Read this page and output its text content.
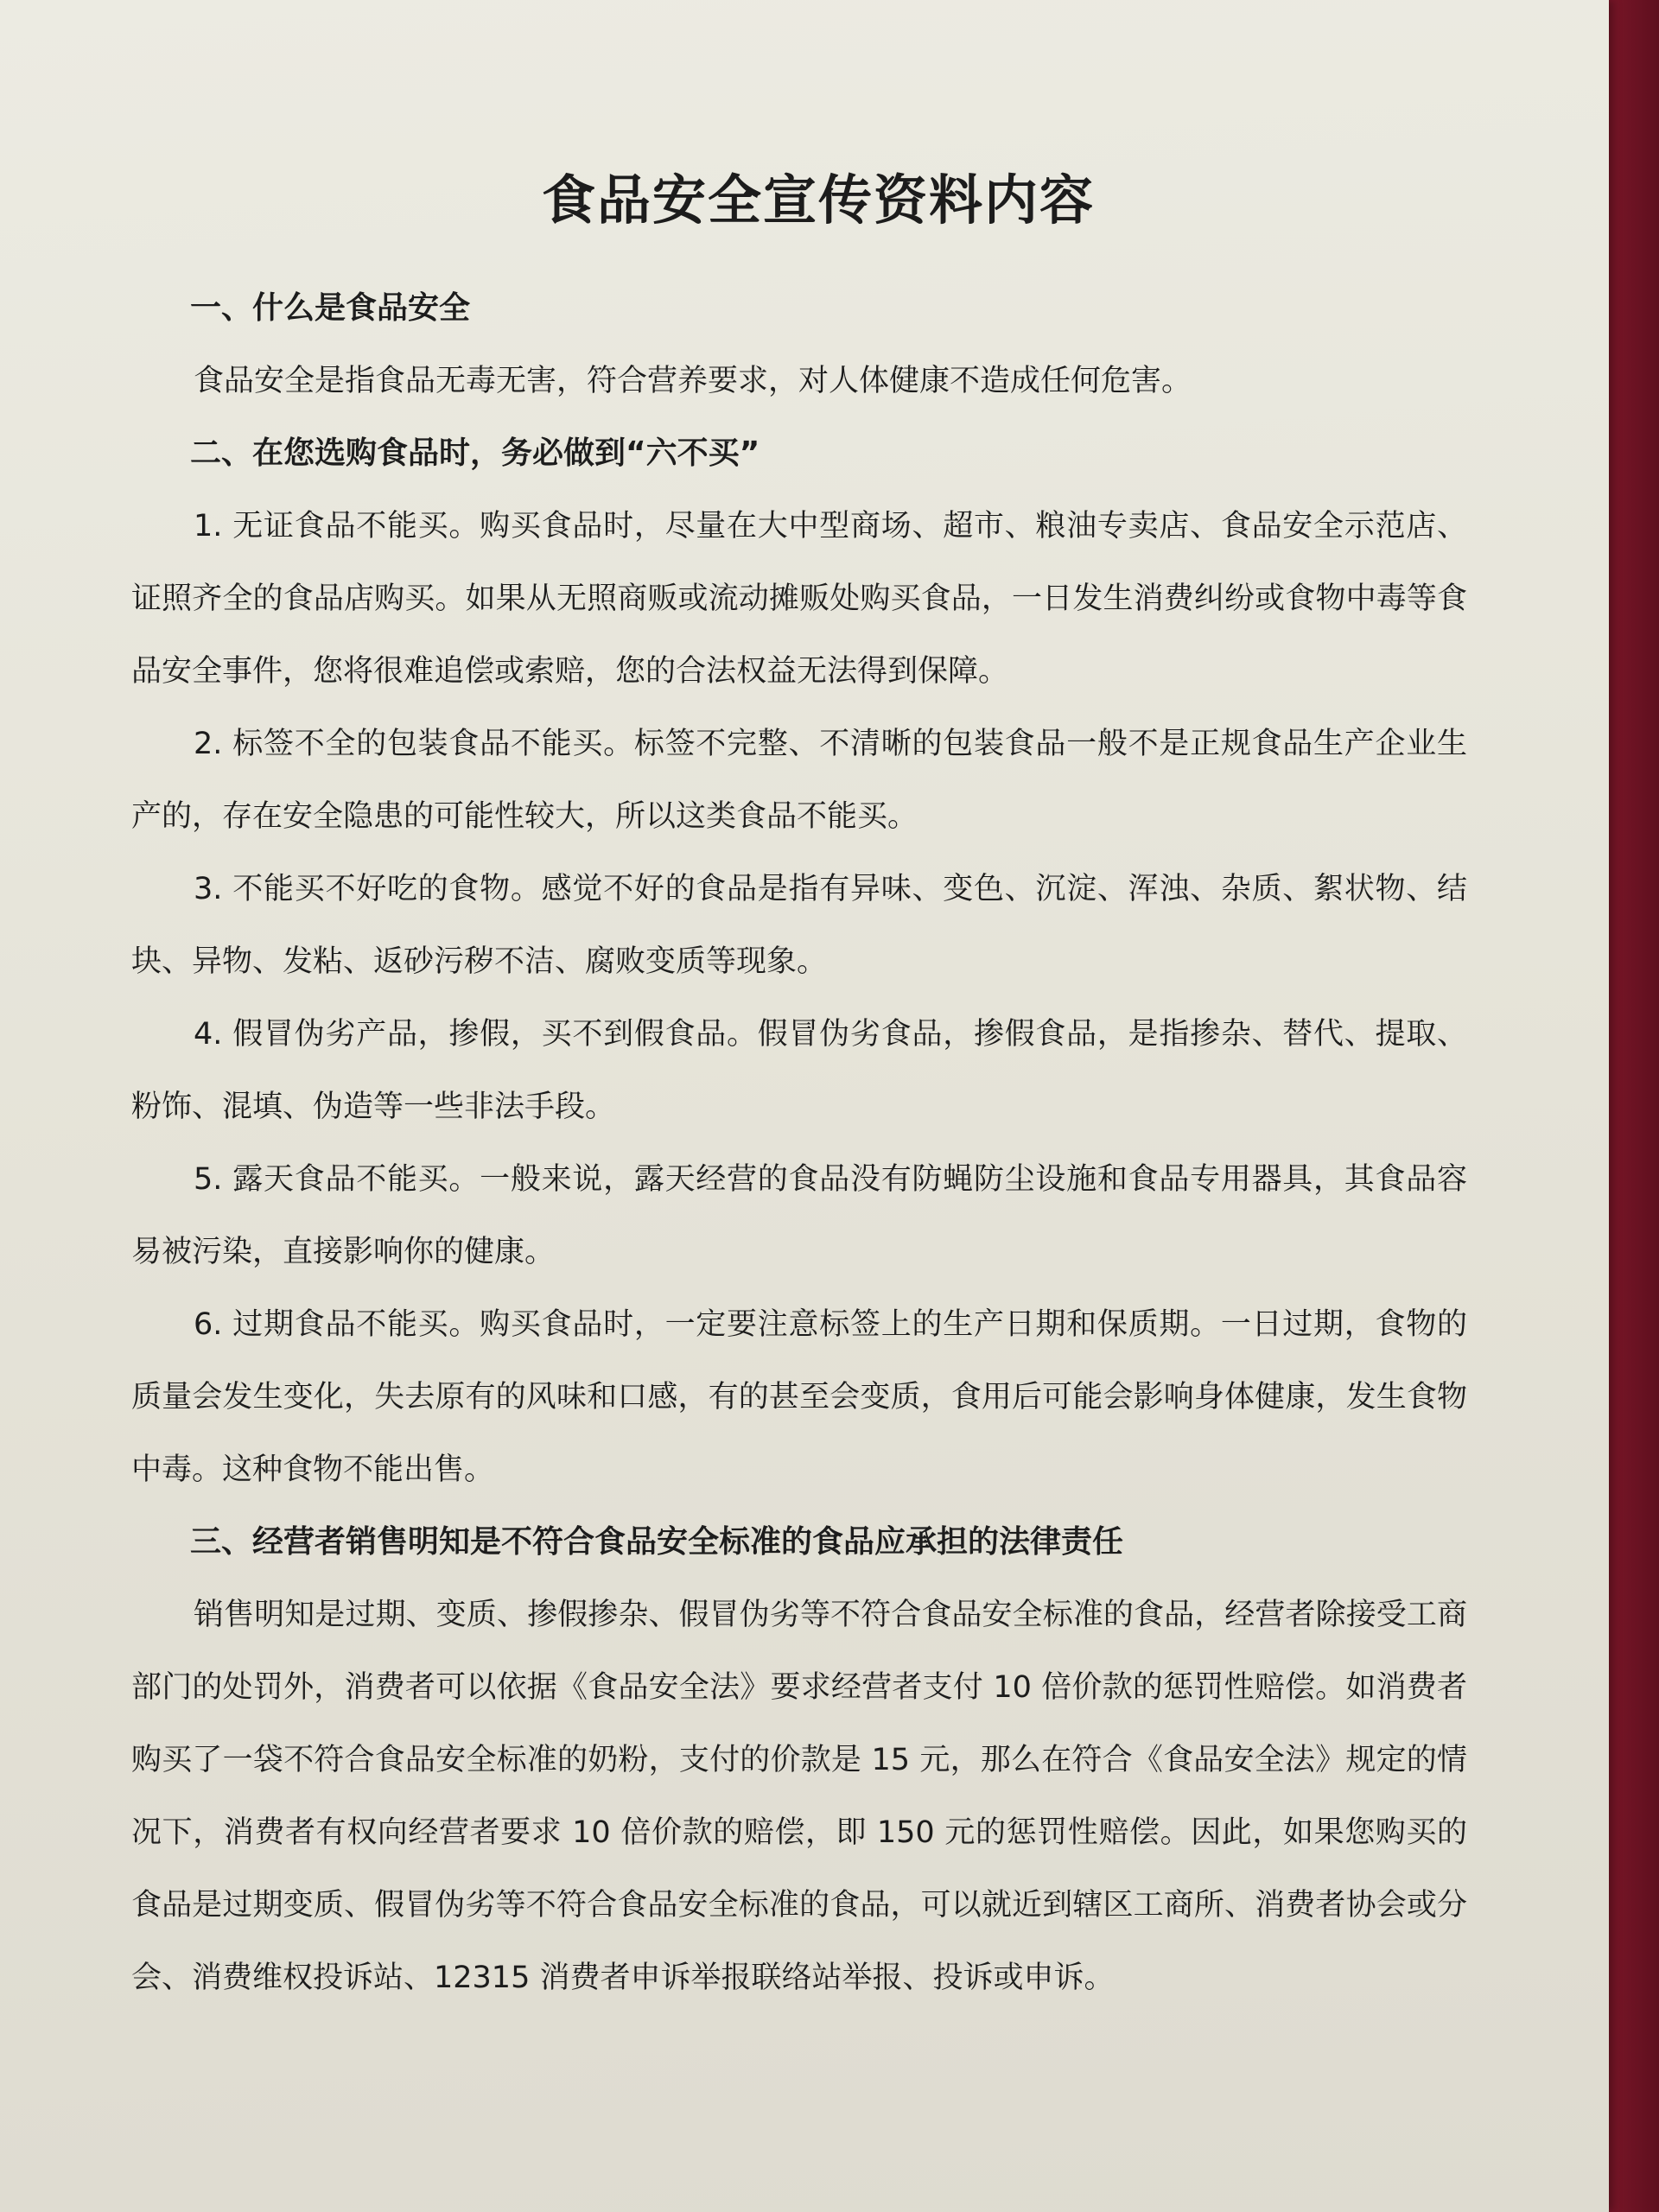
食品安全宣传资料内容
一、什么是食品安全

食品安全是指食品无毒无害，符合营养要求，对人体健康不造成任何危害。

二、在您选购食品时，务必做到“六不买”

1. 无证食品不能买。购买食品时，尽量在大中型商场、超市、粮油专卖店、食品安全示范店、证照齐全的食品店购买。如果从无照商贩或流动摊贩处购买食品，一日发生消费纠纷或食物中毒等食品安全事件，您将很难追偿或索赔，您的合法权益无法得到保障。

2. 标签不全的包装食品不能买。标签不完整、不清晰的包装食品一般不是正规食品生产企业生产的，存在安全隐患的可能性较大，所以这类食品不能买。

3. 不能买不好吃的食物。感觉不好的食品是指有异味、变色、沉淀、浑浊、杂质、絮状物、结块、异物、发粘、返砂污秽不洁、腐败变质等现象。

4. 假冒伪劣产品，掺假，买不到假食品。假冒伪劣食品，掺假食品，是指掺杂、替代、提取、粉饰、混填、伪造等一些非法手段。

5. 露天食品不能买。一般来说，露天经营的食品没有防蝇防尘设施和食品专用器具，其食品容易被污染，直接影响你的健康。

6. 过期食品不能买。购买食品时，一定要注意标签上的生产日期和保质期。一日过期，食物的质量会发生变化，失去原有的风味和口感，有的甚至会变质，食用后可能会影响身体健康，发生食物中毒。这种食物不能出售。

三、经营者销售明知是不符合食品安全标准的食品应承担的法律责任

销售明知是过期、变质、掺假掺杂、假冒伪劣等不符合食品安全标准的食品，经营者除接受工商部门的处罚外，消费者可以依据《食品安全法》要求经营者支付 10 倍价款的惩罚性赔偿。如消费者购买了一袋不符合食品安全标准的奶粉，支付的价款是 15 元，那么在符合《食品安全法》规定的情况下，消费者有权向经营者要求 10 倍价款的赔偿，即 150 元的惩罚性赔偿。因此，如果您购买的食品是过期变质、假冒伪劣等不符合食品安全标准的食品，可以就近到辖区工商所、消费者协会或分会、消费维权投诉站、12315 消费者申诉举报联络站举报、投诉或申诉。
